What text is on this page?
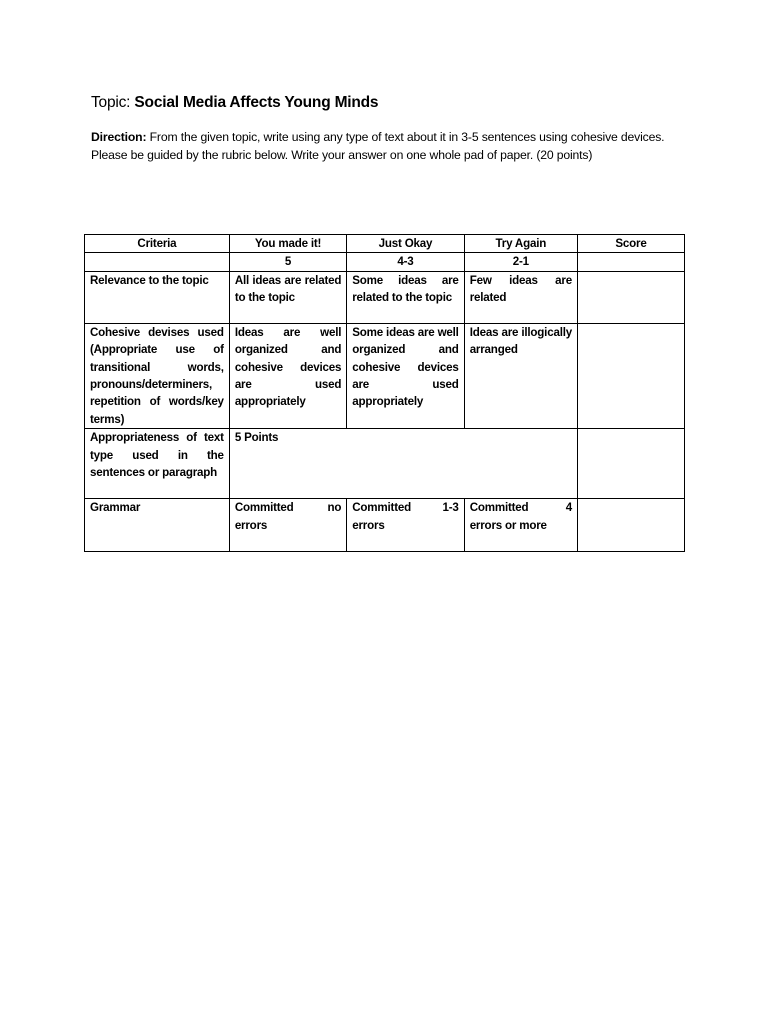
Topic: Social Media Affects Young Minds
Direction: From the given topic, write using any type of text about it in 3-5 sentences using cohesive devices. Please be guided by the rubric below. Write your answer on one whole pad of paper. (20 points)
Criteria	You made it!	Just Okay	Try Again	Score
	5	4-3	2-1	
Relevance to the topic	All ideas are related to the topic	Some ideas are related to the topic	Few ideas are related	
Cohesive devises used (Appropriate use of transitional words, pronouns/determiners, repetition of words/key terms)	Ideas are well organized and cohesive devices are used appropriately	Some ideas are well organized and cohesive devices are used appropriately	Ideas are illogically arranged	
Appropriateness of text type used in the sentences or paragraph	5 Points			
Grammar	Committed no errors	Committed 1-3 errors	Committed 4 errors or more	
